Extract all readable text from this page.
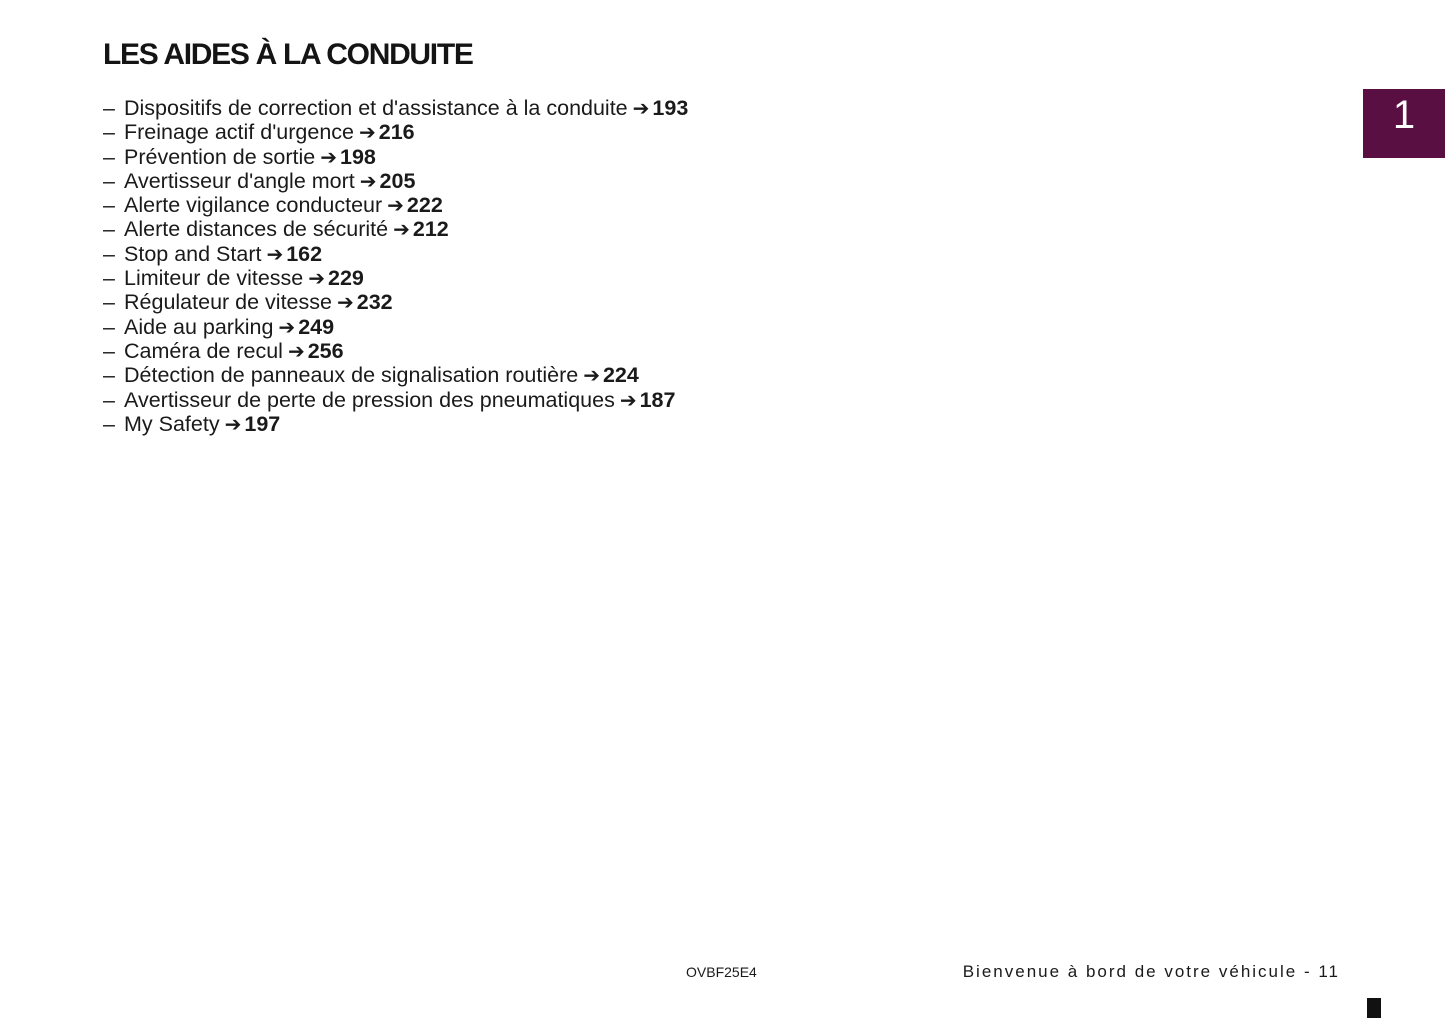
LES AIDES À LA CONDUITE
– Dispositifs de correction et d'assistance à la conduite ➔ 193
– Freinage actif d'urgence ➔ 216
– Prévention de sortie ➔ 198
– Avertisseur d'angle mort ➔ 205
– Alerte vigilance conducteur ➔ 222
– Alerte distances de sécurité ➔ 212
– Stop and Start ➔ 162
– Limiteur de vitesse ➔ 229
– Régulateur de vitesse ➔ 232
– Aide au parking ➔ 249
– Caméra de recul ➔ 256
– Détection de panneaux de signalisation routière ➔ 224
– Avertisseur de perte de pression des pneumatiques ➔ 187
– My Safety ➔ 197
1
OVBF25E4	Bienvenue à bord de votre véhicule - 11
